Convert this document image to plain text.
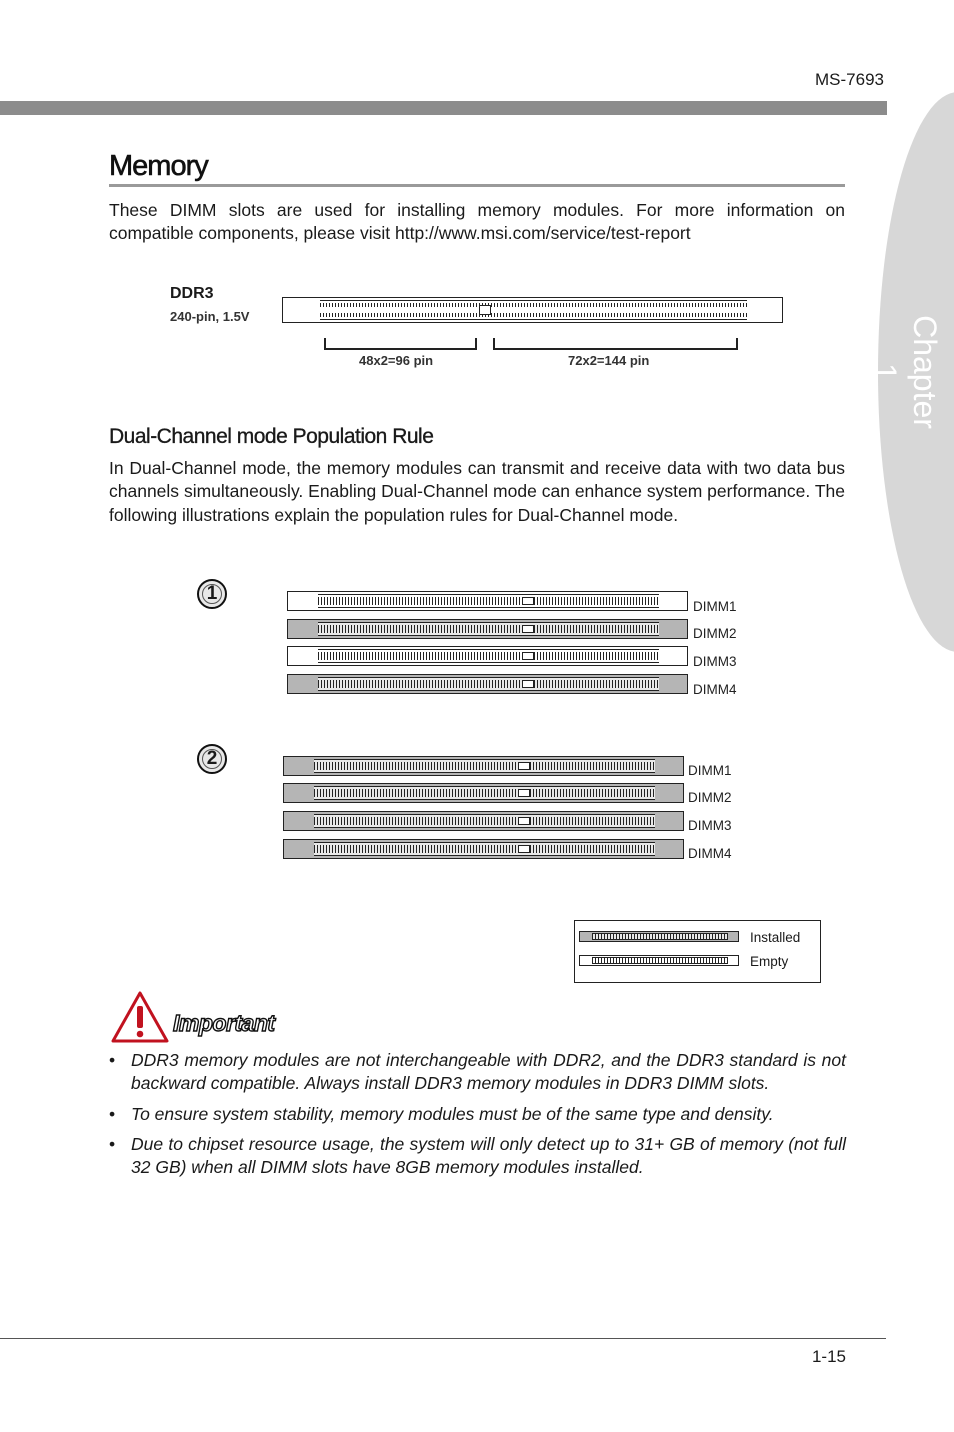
MS-7693
Chapter 1
Memory

These DIMM slots are used for installing memory modules. For more information on compatible components, please visit http://www.msi.com/service/test-report

DDR3
240-pin, 1.5V
48x2=96 pin	72x2=144 pin
Dual-Channel mode Population Rule

In Dual-Channel mode, the memory modules can transmit and receive data with two data bus channels simultaneously. Enabling Dual-Channel mode can enhance system performance. The following illustrations explain the population rules for Dual-Channel mode.

1
DIMM1
DIMM2
DIMM3
DIMM4
2
DIMM1
DIMM2
DIMM3
DIMM4
Installed
Empty
Important
• DDR3 memory modules are not interchangeable with DDR2, and the DDR3 standard is not backward compatible. Always install DDR3 memory modules in DDR3 DIMM slots.
• To ensure system stability, memory modules must be of the same type and density.
• Due to chipset resource usage, the system will only detect up to 31+ GB of memory (not full 32 GB) when all DIMM slots have 8GB memory modules installed.
1-15
